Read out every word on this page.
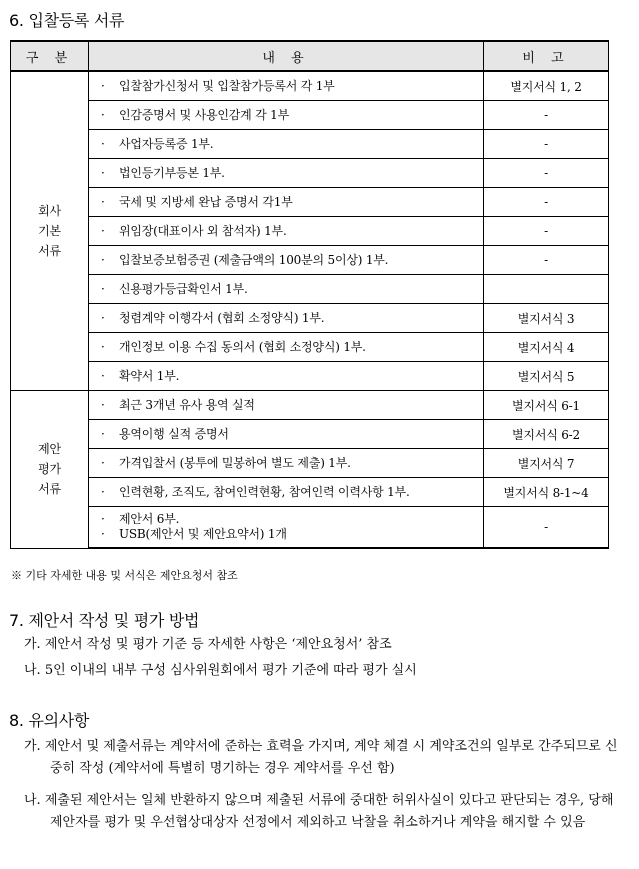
6. 입찰등록 서류
구 분	내 용	비 고

회사
기본
서류	· 입찰참가신청서 및 입찰참가등록서 각 1부	별지서식 1, 2

	· 인감증명서 및 사용인감계 각 1부	-

	· 사업자등록증 1부.	-

	· 법인등기부등본 1부.	-

	· 국세 및 지방세 완납 증명서 각1부	-

	· 위임장(대표이사 외 참석자) 1부.	-

	· 입찰보증보험증권 (제출금액의 100분의 5이상) 1부.	-

	· 신용평가등급확인서 1부.	

	· 청렴계약 이행각서 (협회 소정양식) 1부.	별지서식 3

	· 개인정보 이용 수집 동의서 (협회 소정양식) 1부.	별지서식 4

	· 확약서 1부.	별지서식 5

제안
평가
서류	· 최근 3개년 유사 용역 실적	별지서식 6-1

	· 용역이행 실적 증명서	별지서식 6-2

	· 가격입찰서 (봉투에 밀봉하여 별도 제출) 1부.	별지서식 7

	· 인력현황, 조직도, 참여인력현황, 참여인력 이력사항 1부.	별지서식 8-1~4

	· 제안서 6부.
· USB(제안서 및 제안요약서) 1개	-
※ 기타 자세한 내용 및 서식은 제안요청서 참조
7. 제안서 작성 및 평가 방법
가. 제안서 작성 및 평가 기준 등 자세한 사항은 ‘제안요청서’ 참조
나. 5인 이내의 내부 구성 심사위원회에서 평가 기준에 따라 평가 실시
8. 유의사항
가. 제안서 및 제출서류는 계약서에 준하는 효력을 가지며, 계약 체결 시 계약조건의 일부로 간주되므로 신중히 작성 (계약서에 특별히 명기하는 경우 계약서를 우선 함)
나. 제출된 제안서는 일체 반환하지 않으며 제출된 서류에 중대한 허위사실이 있다고 판단되는 경우, 당해 제안자를 평가 및 우선협상대상자 선정에서 제외하고 낙찰을 취소하거나 계약을 해지할 수 있음
